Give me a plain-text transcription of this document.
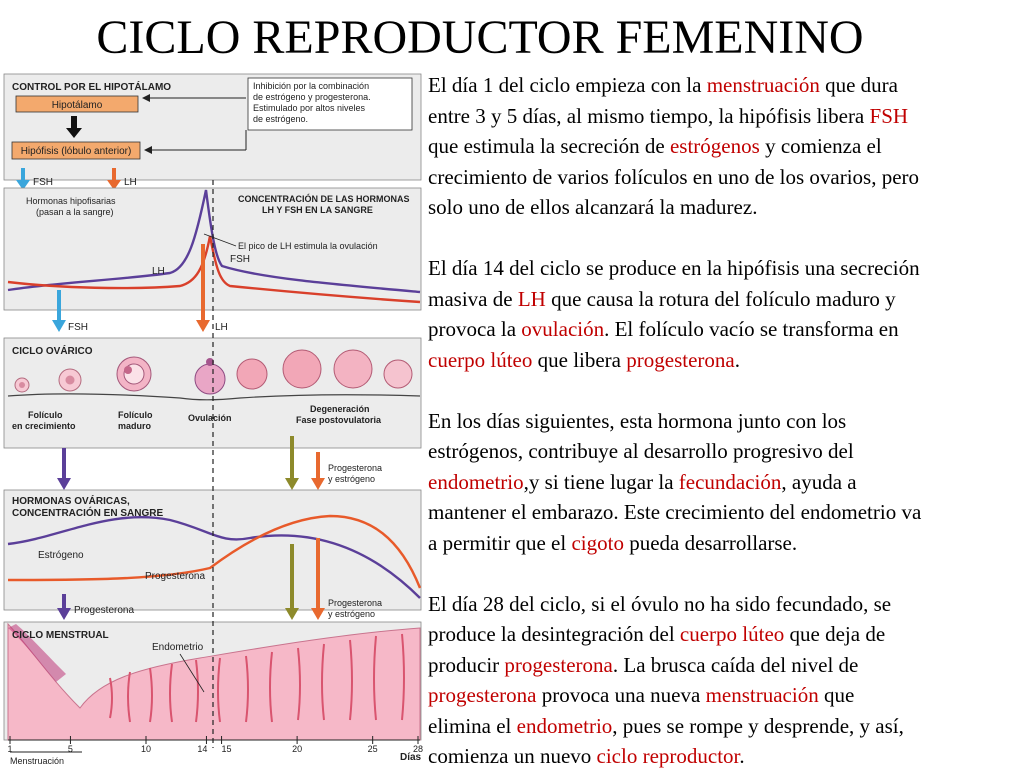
CICLO REPRODUCTOR FEMENINO
CONTROL POR EL HIPOTÁLAMO
Hipotálamo
Hipófisis (lóbulo anterior)
Inhibición por la combinación
de estrógeno y progesterona.
Estimulado por altos niveles
de estrógeno.
FSH	LH
Hormonas hipofisarias
(pasan a la sangre)
CONCENTRACIÓN DE LAS HORMONAS
LH Y FSH EN LA SANGRE
LH
FSH
El pico de LH estimula la ovulación
FSH	LH
CICLO OVÁRICO
Folículo
en crecimiento
Folículo
maduro
Ovulación
Degeneración
Fase postovulatoria
Progesterona
y estrógeno
HORMONAS OVÁRICAS,
CONCENTRACIÓN EN SANGRE
Estrógeno
Progesterona
Progesterona
Progesterona
y estrógeno
CICLO MENSTRUAL
Endometrio
1	5	10	14 15	20	25	28
Días
Menstruación
El día 1 del ciclo empieza con la menstruación que dura
entre 3 y 5 días, al mismo tiempo, la hipófisis libera FSH
que estimula la secreción de estrógenos y comienza el
crecimiento de varios folículos en uno de los ovarios, pero
solo uno de ellos alcanzará la madurez.
El día 14 del ciclo se produce en la hipófisis una secreción
masiva de LH que causa la rotura del folículo maduro y
provoca la ovulación. El folículo vacío se transforma en
cuerpo lúteo que libera progesterona.
En los días siguientes, esta hormona junto con los
estrógenos, contribuye al desarrollo progresivo del
endometrio,y si tiene lugar la fecundación, ayuda a
mantener el embarazo. Este crecimiento del endometrio va
a permitir que el cigoto pueda desarrollarse.
El día 28 del ciclo, si el óvulo no ha sido fecundado, se
produce la desintegración del cuerpo lúteo que deja de
producir progesterona. La brusca caída del nivel de
progesterona provoca una nueva menstruación que
elimina el endometrio, pues se rompe y desprende, y así,
comienza un nuevo ciclo reproductor.
